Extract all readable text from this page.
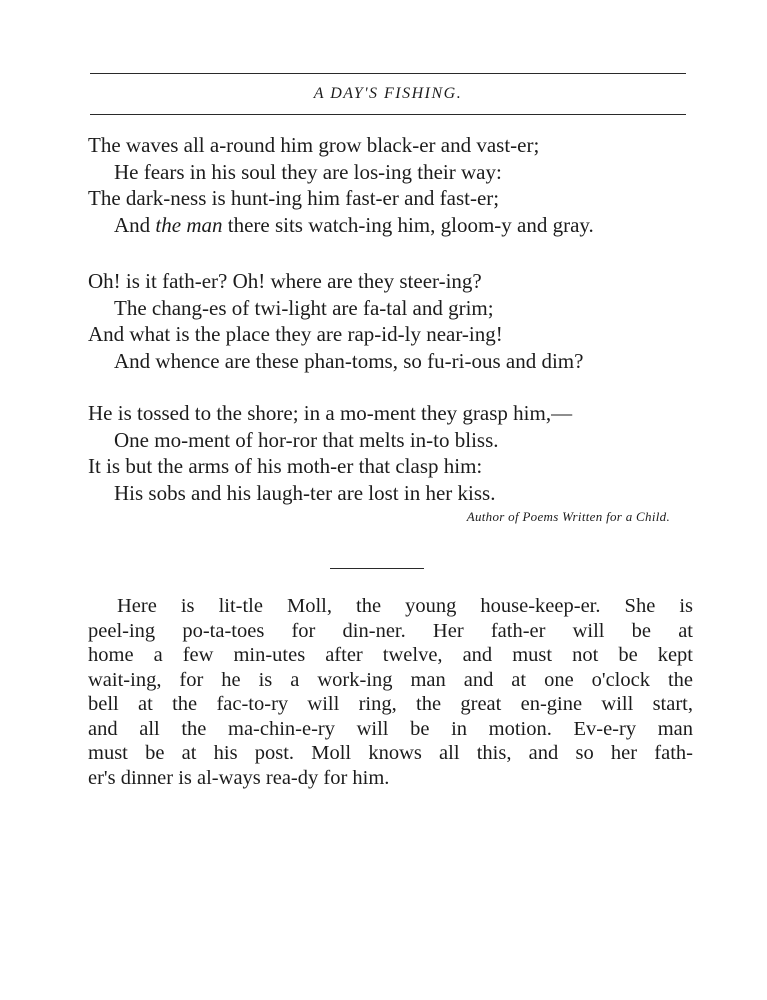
A DAY'S FISHING.
The waves all a-round him grow black-er and vast-er;
He fears in his soul they are los-ing their way:
The dark-ness is hunt-ing him fast-er and fast-er;
And the man there sits watch-ing him, gloom-y and gray.
Oh! is it fath-er? Oh! where are they steer-ing?
The chang-es of twi-light are fa-tal and grim;
And what is the place they are rap-id-ly near-ing!
And whence are these phan-toms, so fu-ri-ous and dim?
He is tossed to the shore; in a mo-ment they grasp him,—
One mo-ment of hor-ror that melts in-to bliss.
It is but the arms of his moth-er that clasp him:
His sobs and his laugh-ter are lost in her kiss.
Author of Poems Written for a Child.
Here is lit-tle Moll, the young house-keep-er. She is
peel-ing po-ta-toes for din-ner. Her fath-er will be at
home a few min-utes after twelve, and must not be kept
wait-ing, for he is a work-ing man and at one o'clock the
bell at the fac-to-ry will ring, the great en-gine will start,
and all the ma-chin-e-ry will be in motion. Ev-e-ry man
must be at his post. Moll knows all this, and so her fath-
er's dinner is al-ways rea-dy for him.
